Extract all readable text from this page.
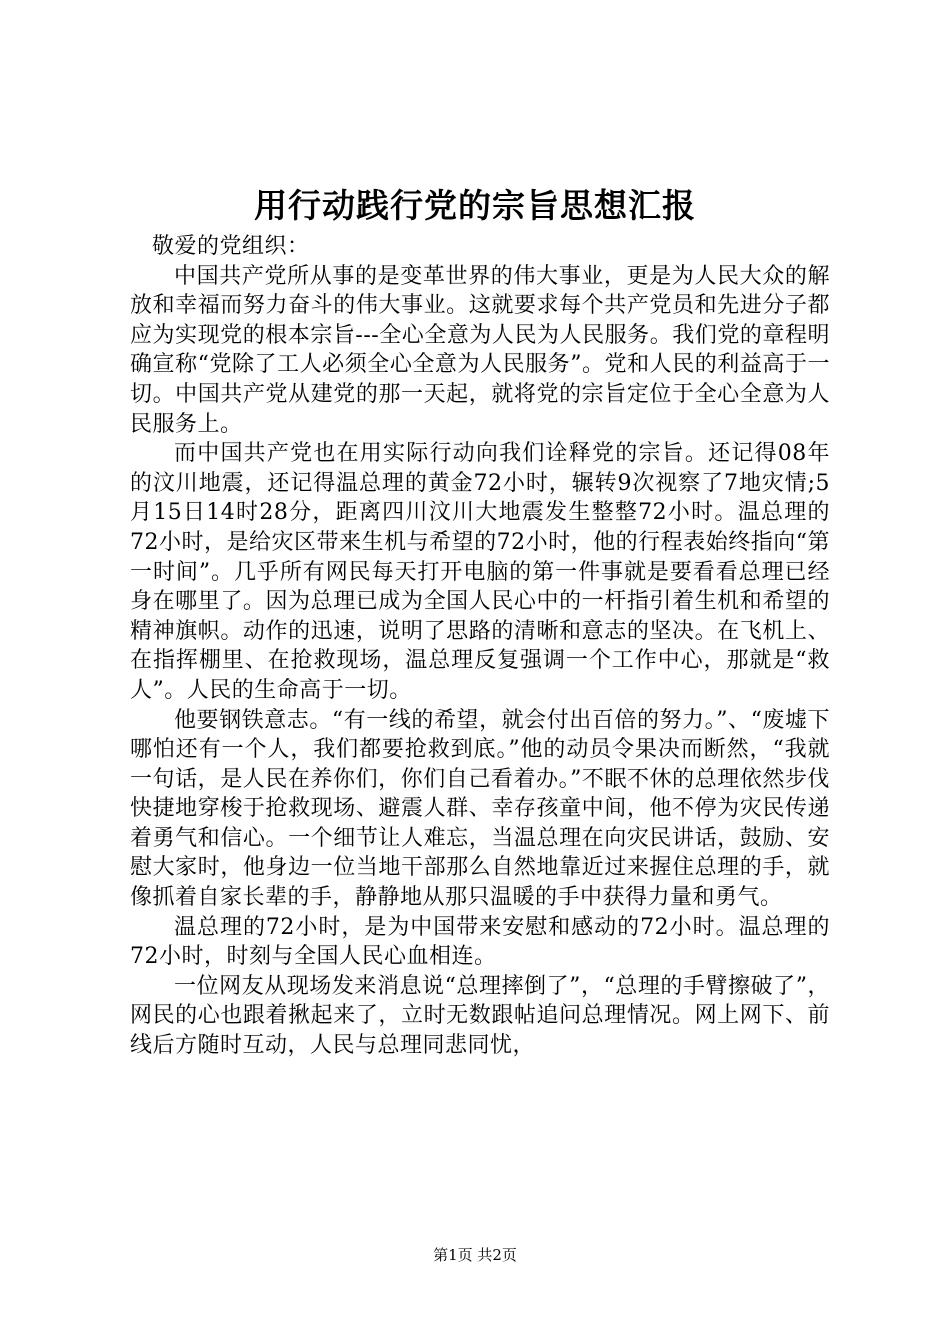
用行动践行党的宗旨思想汇报

敬爱的党组织：

中国共产党所从事的是变革世界的伟大事业，更是为人民大众的解放和幸福而努力奋斗的伟大事业。这就要求每个共产党员和先进分子都应为实现党的根本宗旨---全心全意为人民为人民服务。我们党的章程明确宣称“党除了工人必须全心全意为人民服务”。党和人民的利益高于一切。中国共产党从建党的那一天起，就将党的宗旨定位于全心全意为人民服务上。

而中国共产党也在用实际行动向我们诠释党的宗旨。还记得08年的汶川地震，还记得温总理的黄金72小时，辗转9次视察了7地灾情;5月15日14时28分，距离四川汶川大地震发生整整72小时。温总理的72小时，是给灾区带来生机与希望的72小时，他的行程表始终指向“第一时间”。几乎所有网民每天打开电脑的第一件事就是要看看总理已经身在哪里了。因为总理已成为全国人民心中的一杆指引着生机和希望的精神旗帜。动作的迅速，说明了思路的清晰和意志的坚决。在飞机上、在指挥棚里、在抢救现场，温总理反复强调一个工作中心，那就是“救人”。人民的生命高于一切。

他要钢铁意志。“有一线的希望，就会付出百倍的努力。”、“废墟下哪怕还有一个人，我们都要抢救到底。”他的动员令果决而断然，“我就一句话，是人民在养你们，你们自己看着办。”不眠不休的总理依然步伐快捷地穿梭于抢救现场、避震人群、幸存孩童中间，他不停为灾民传递着勇气和信心。一个细节让人难忘，当温总理在向灾民讲话，鼓励、安慰大家时，他身边一位当地干部那么自然地靠近过来握住总理的手，就像抓着自家长辈的手，静静地从那只温暖的手中获得力量和勇气。

温总理的72小时，是为中国带来安慰和感动的72小时。温总理的72小时，时刻与全国人民心血相连。

一位网友从现场发来消息说“总理摔倒了”，“总理的手臂擦破了”，网民的心也跟着揪起来了，立时无数跟帖追问总理情况。网上网下、前线后方随时互动，人民与总理同悲同忧，

第1页 共2页
